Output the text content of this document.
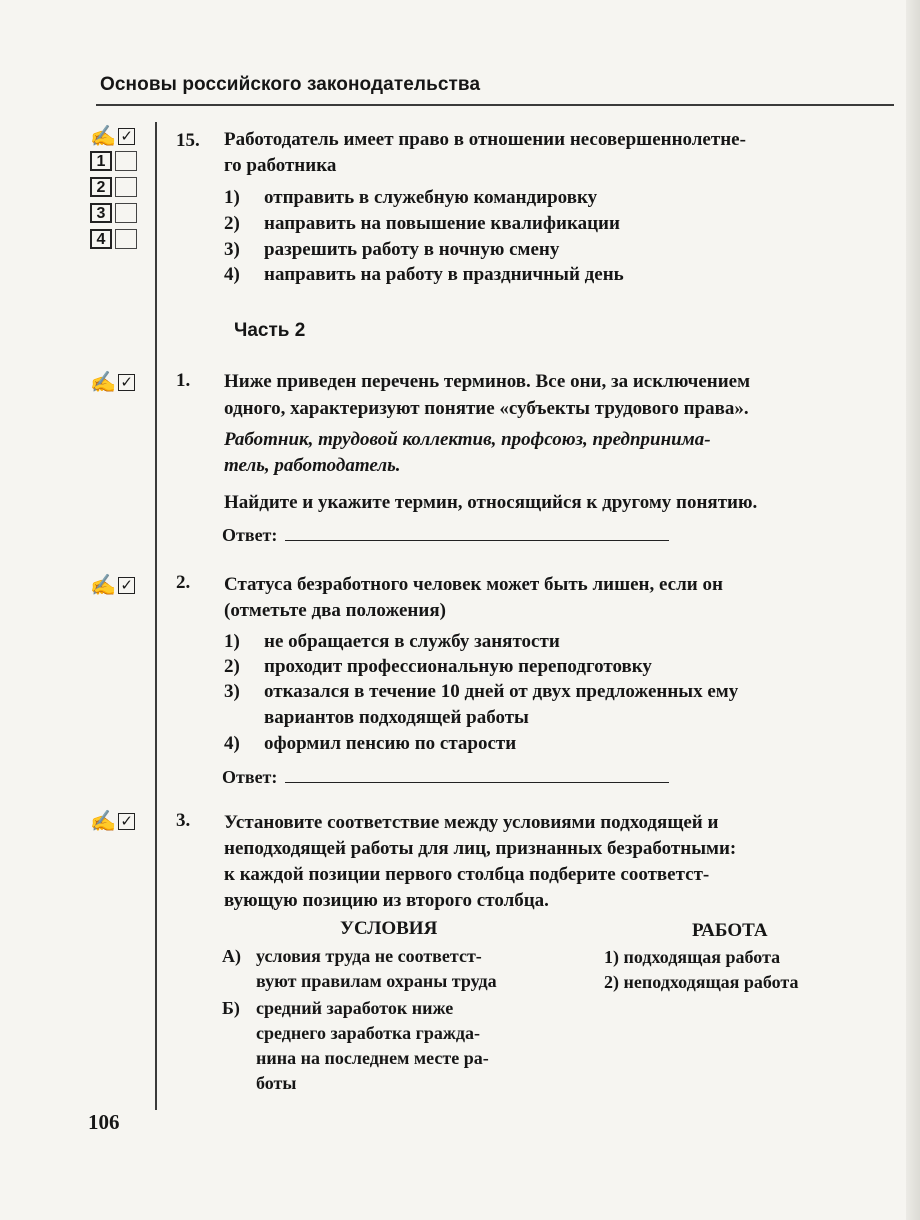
Основы российского законодательства
✍ ✓
1
2
3
4
15. Работодатель имеет право в отношении несовершеннолетне-
го работника
1) отправить в служебную командировку
2) направить на повышение квалификации
3) разрешить работу в ночную смену
4) направить на работу в праздничный день
Часть 2
✍ ✓ 1. Ниже приведен перечень терминов. Все они, за исключением
одного, характеризуют понятие «субъекты трудового права».
Работник, трудовой коллектив, профсоюз, предпринима-
тель, работодатель.
Найдите и укажите термин, относящийся к другому понятию.
Ответ:
✍ ✓ 2. Статуса безработного человек может быть лишен, если он
(отметьте два положения)
1) не обращается в службу занятости
2) проходит профессиональную переподготовку
3) отказался в течение 10 дней от двух предложенных ему
вариантов подходящей работы
4) оформил пенсию по старости
Ответ:
✍ ✓ 3. Установите соответствие между условиями подходящей и
неподходящей работы для лиц, признанных безработными:
к каждой позиции первого столбца подберите соответст-
вующую позицию из второго столбца.
УСЛОВИЯ	РАБОТА
А) условия труда не соответст-
вуют правилам охраны труда
Б) средний заработок ниже
среднего заработка гражда-
нина на последнем месте ра-
боты
1) подходящая работа
2) неподходящая работа
106
